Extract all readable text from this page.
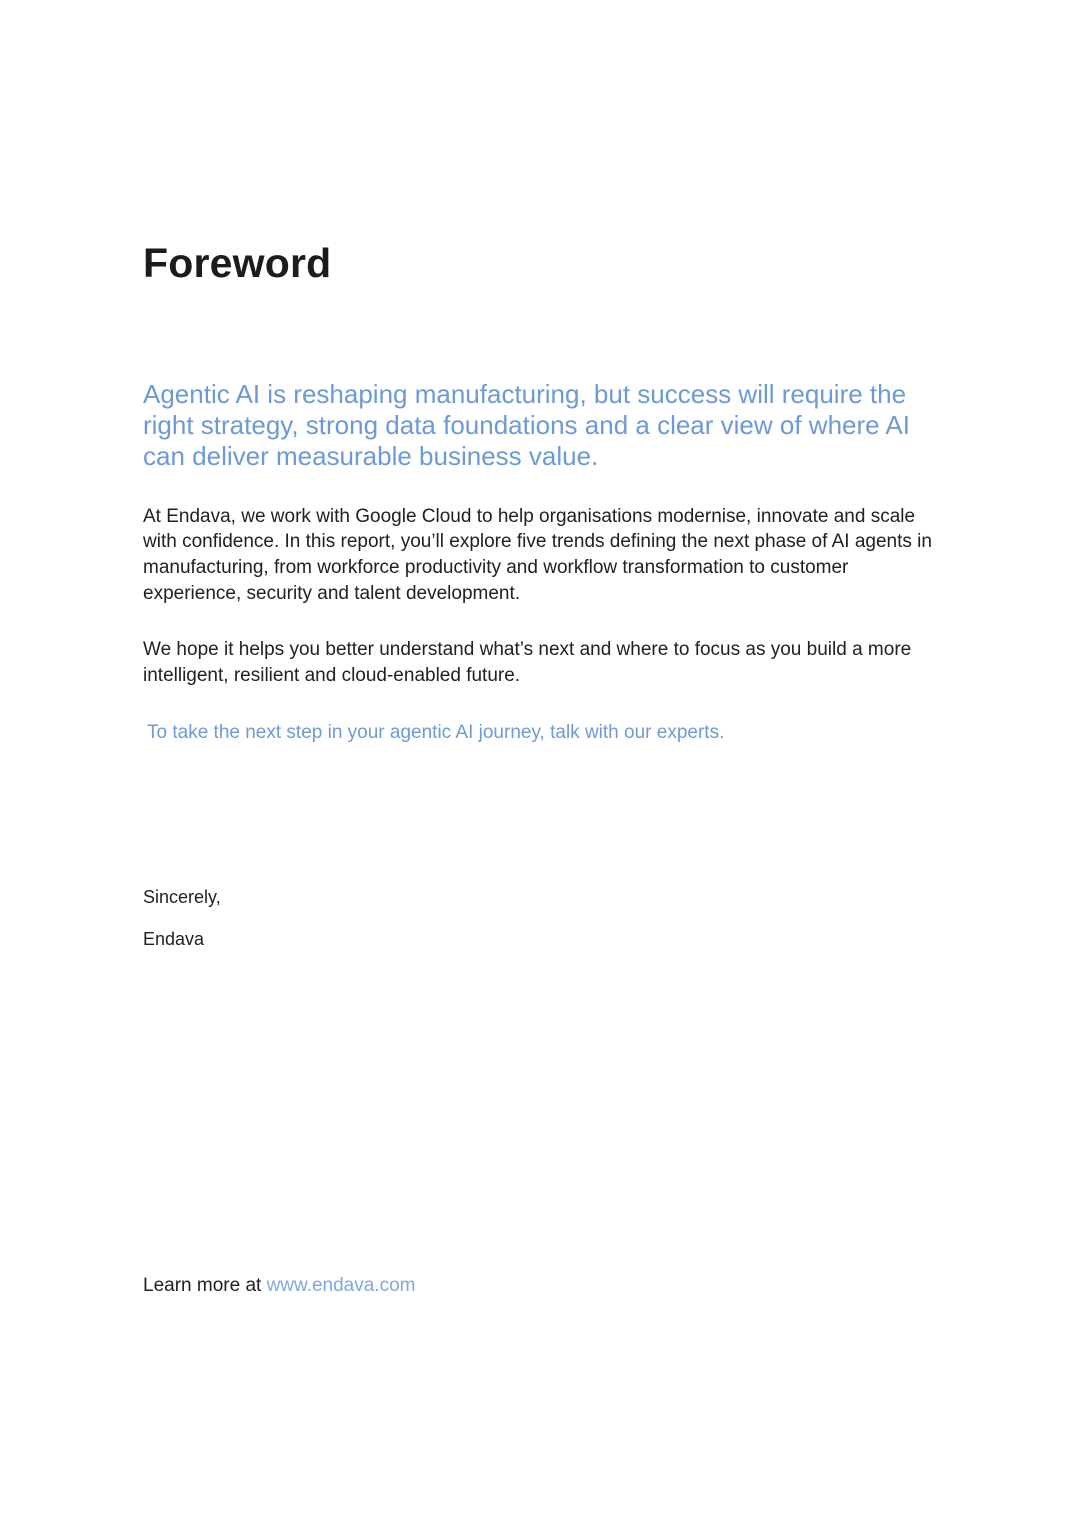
Foreword

Agentic AI is reshaping manufacturing, but success will require the right strategy, strong data foundations and a clear view of where AI can deliver measurable business value.

At Endava, we work with Google Cloud to help organisations modernise, innovate and scale with confidence. In this report, you’ll explore five trends defining the next phase of AI agents in manufacturing, from workforce productivity and workflow transformation to customer experience, security and talent development.

We hope it helps you better understand what’s next and where to focus as you build a more intelligent, resilient and cloud-enabled future.

To take the next step in your agentic AI journey, talk with our experts.

Sincerely,

Endava

Learn more at www.endava.com
